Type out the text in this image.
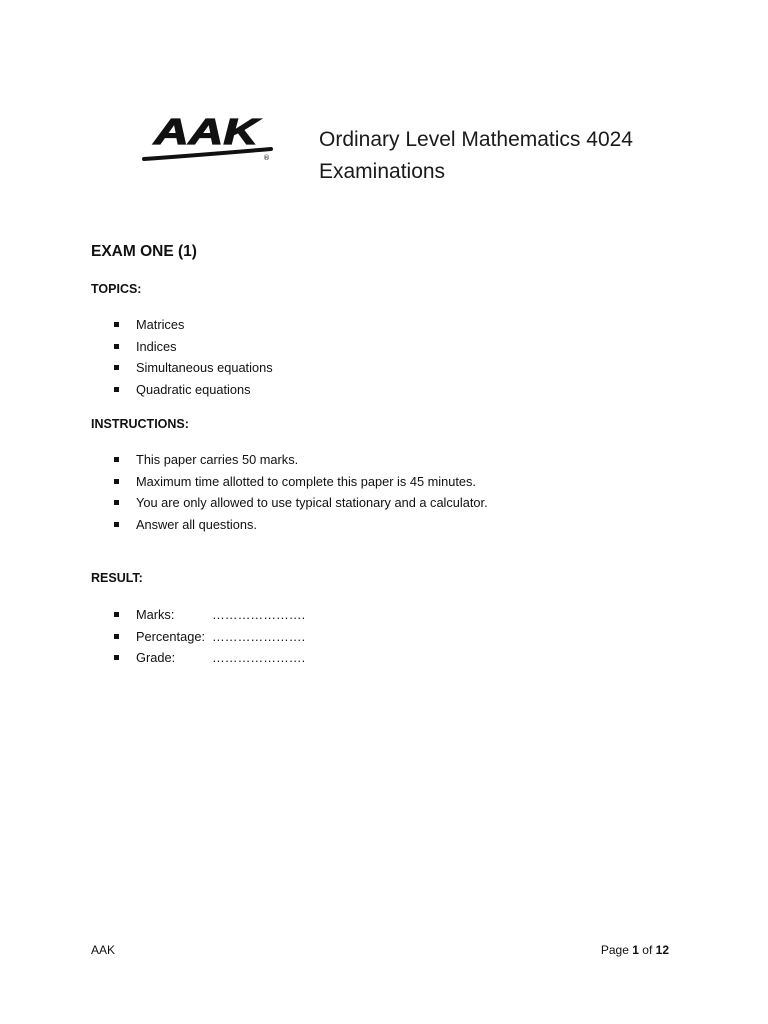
AAK
®
Ordinary Level Mathematics 4024
Examinations
EXAM ONE (1)
TOPICS:
Matrices
Indices
Simultaneous equations
Quadratic equations
INSTRUCTIONS:
This paper carries 50 marks.
Maximum time allotted to complete this paper is 45 minutes.
You are only allowed to use typical stationary and a calculator.
Answer all questions.
RESULT:
Marks:	………………….
Percentage: ………………….
Grade:	………………….
AAK	Page 1 of 12
